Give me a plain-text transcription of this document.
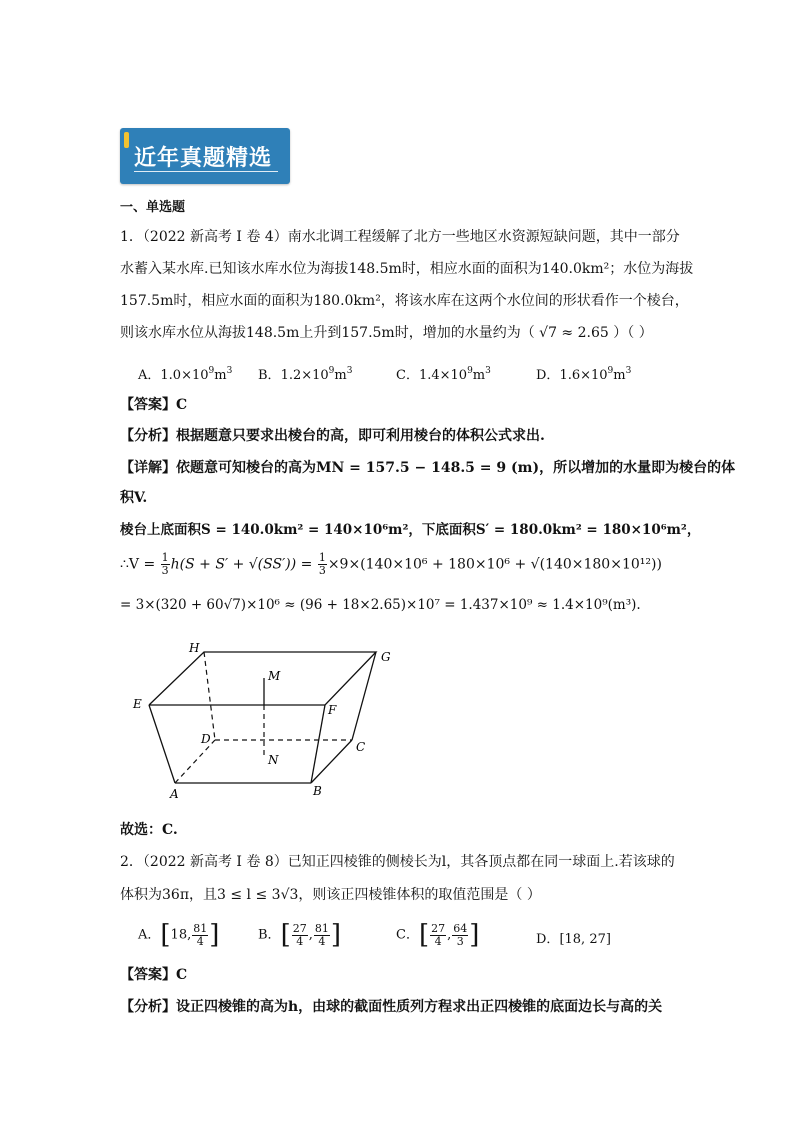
近年真题精选
一、单选题
1．（2022 新高考 I 卷 4）南水北调工程缓解了北方一些地区水资源短缺问题，其中一部分
水蓄入某水库.已知该水库水位为海拔148.5m时，相应水面的面积为140.0km²；水位为海拔
157.5m时，相应水面的面积为180.0km²，将该水库在这两个水位间的形状看作一个棱台，
则该水库水位从海拔148.5m上升到157.5m时，增加的水量约为（ √7 ≈ 2.65 ）（ ）
A．$1.0\times 10^9m^3$ B．$1.2\times 10^9m^3$	C．$1.4\times 10^9m^3$	D．$1.6\times 10^9m^3$
【答案】C
【分析】根据题意只要求出棱台的高，即可利用棱台的体积公式求出.
【详解】依题意可知棱台的高为MN = 157.5 − 148.5 = 9 (m)，所以增加的水量即为棱台的体
积V.
棱台上底面积S = 140.0km² = 140×10⁶m²，下底面积S′ = 180.0km² = 180×10⁶m²，
∴V = $\frac{1}{3} h(S + S' + √(SS')) = \frac{1}{3} \times 9\times(140\times 10^6 + 180\times 10^6 + √(140\times 180\times 10^{12}))$
= 3×(320 + 60√7)×10⁶ ≈ (96 + 18×2.65)×10⁷ = 1.437×10⁹ ≈ 1.4×10⁹(m³).
H
G
M
E	F
D
C
N
A	B
故选：C.
2．（2022 新高考 I 卷 8）已知正四棱锥的侧棱长为l，其各顶点都在同一球面上.若该球的
体积为36π，且3 ≤ l ≤ 3√3，则该正四棱锥体积的取值范围是（ ）
A．[18, $\frac{81}{4}$ ]	B．[ $\frac{27}{4}$ , $\frac{81}{4}$ ]	C．[ $\frac{27}{4}$ , $\frac{64}{3}$ ]	D．[18, 27]
【答案】C
【分析】设正四棱锥的高为h，由球的截面性质列方程求出正四棱锥的底面边长与高的关
